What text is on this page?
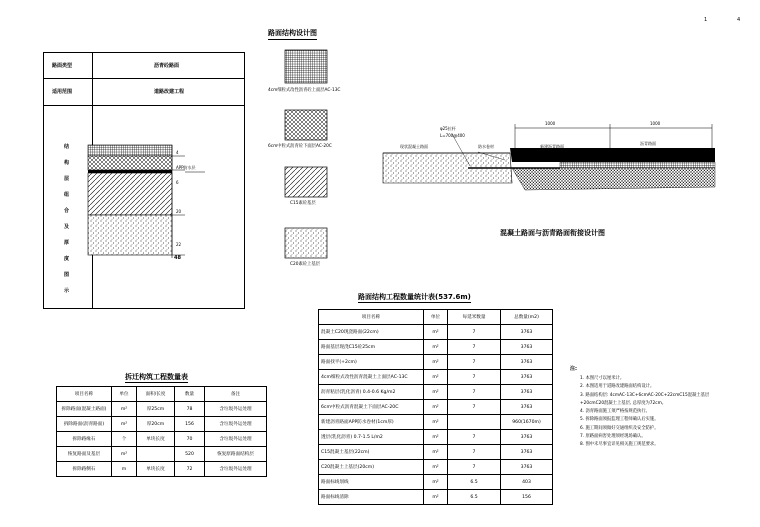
1	4
路面结构设计图
路面类型	沥青砼路面
适用范围	道路改建工程
结
构
层
组
合
及
厚
度
图
示
4
APP防水层
6
20
22
48
4cm细粒式改性沥青砼上面层AC-13C
6cm中粒式沥青砼下面层AC-20C
C15素砼基层
C20素砼上基层
1000	1000
φ25拉杆
L=700@400
现状混凝土路面	防水卷材	新建沥青路面
沥青路面
混凝土路面与沥青路面衔接设计图
路面结构工程数量统计表(537.6m)
项目名称	单位	每延米数量	总数量(m2)
混凝土C20现浇路面(22cm)	m²	7	3763
路面基层现浇C15砼25cm	m²	7	3763
路面找平(+2cm)	m²	7	3763
4cm细粒式改性沥青混凝土上面层AC-13C	m²	7	3763
沥青粘层(乳化沥青) 0.4-0.6 Kg/m2	m²	7	3763
6cm中粒式沥青混凝土下面层AC-20C	m²	7	3763
新建沥青路面APP防水卷材(1cm厚)	m²		960(1670m)
透层(乳化沥青) 0.7-1.5 L/m2	m²	7	3763
C15混凝土基层(22cm)	m²	7	3763
C20混凝土上基层(20cm)	m²	7	3763
路面标线划线	m²	6.5	403
路面标线清除	m²	6.5	156
拆迁构筑工程数量表
项目名称	单位	面积/长度	数量	备注
拆除路面(混凝土路面)	m²	厚25cm	78	含垃圾外运处理
拆除路面(沥青路面)	m²	厚20cm	156	含垃圾外运处理
拆除路缘石	个	单块长度	70	含垃圾外运处理
恢复路面及基层	m²		520	恢复原路面结构层
拆除路侧石	m	单块长度	72	含垃圾外运处理
注:
1. 本图尺寸以厘米计。
2. 本图适用于道路改建路面结构设计。
3. 路面结构层: 4cmAC-13C+6cmAC-20C+22cmC15混凝土基层
+20cmC20混凝土上基层, 总厚度为72cm。
4. 沥青路面施工须严格按规范执行。
5. 拆除路面须报监理工程师确认后实施。
6. 施工期间须做好交通组织及安全防护。
7. 原路面病害处理须经现场确认。
8. 图中未尽事宜详见相关施工规范要求。
